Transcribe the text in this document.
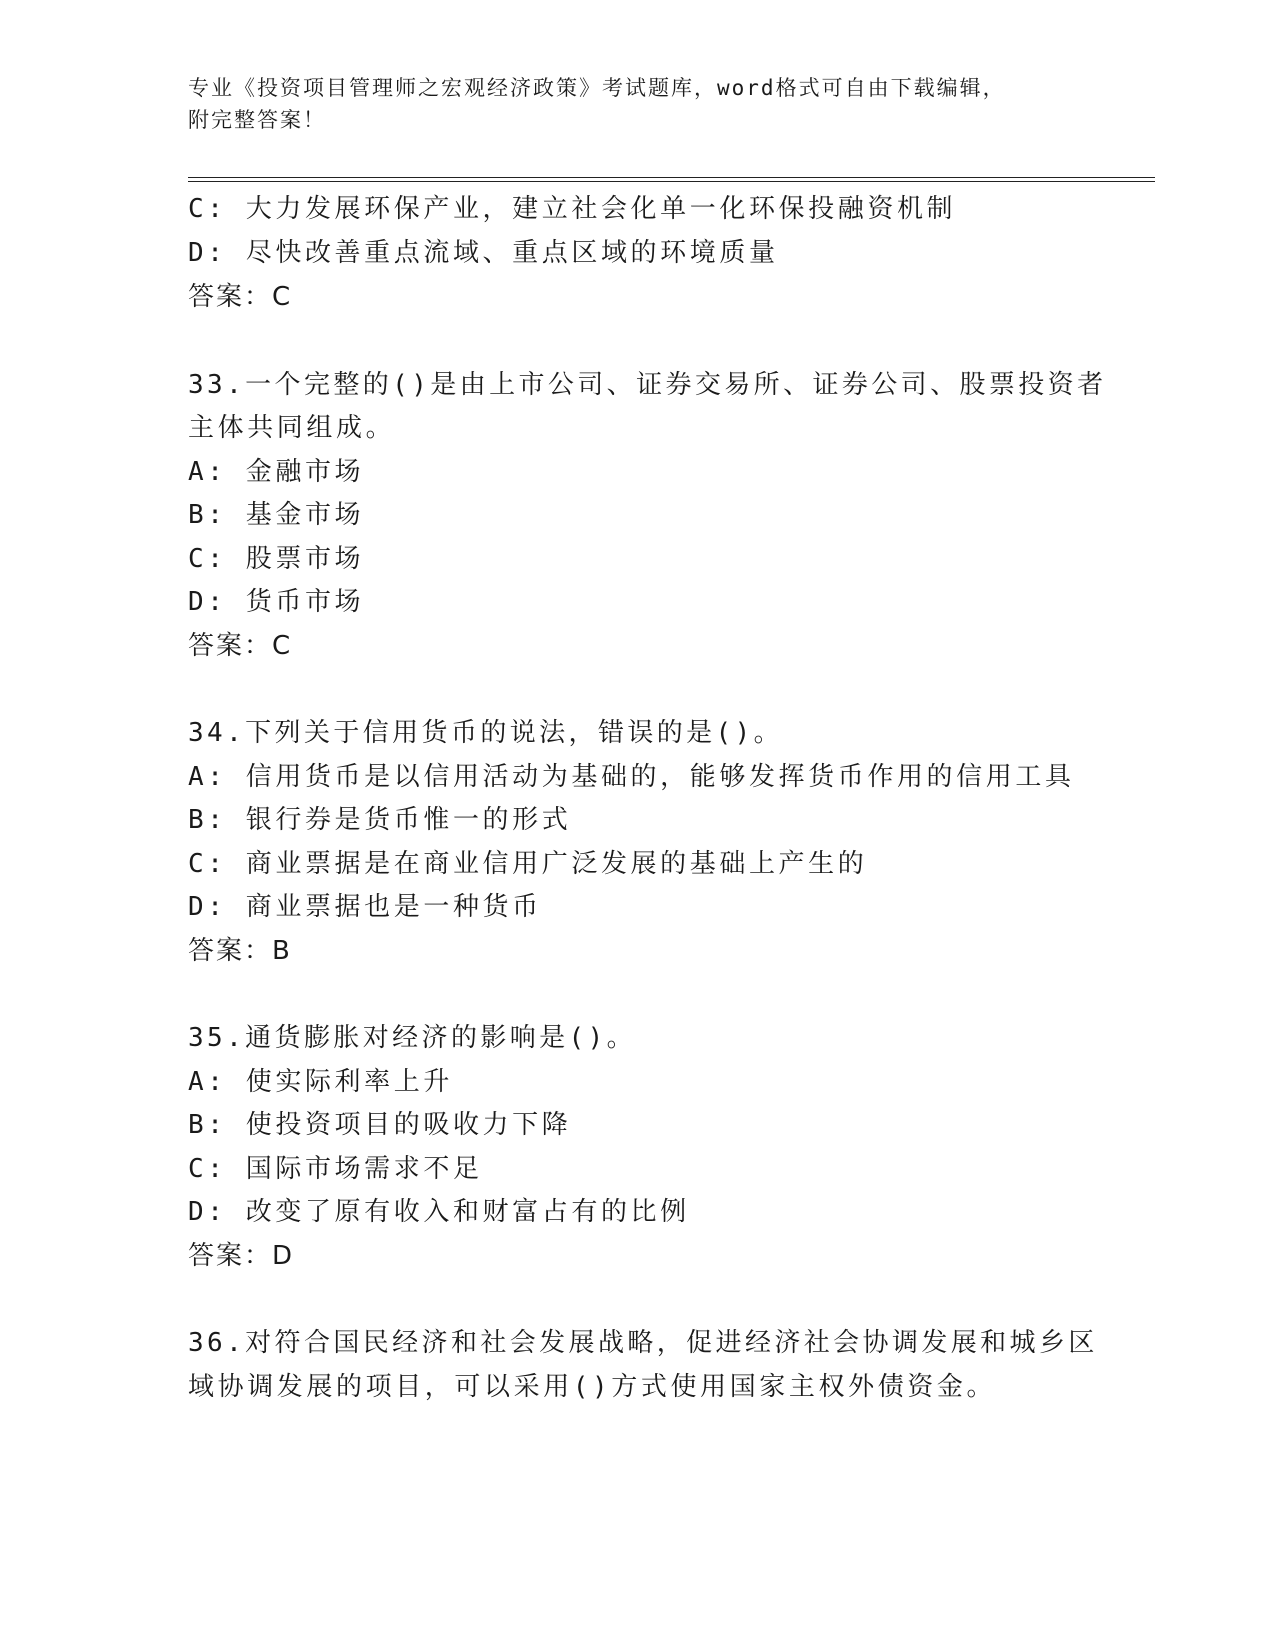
专业《投资项目管理师之宏观经济政策》考试题库，word格式可自由下载编辑，
附完整答案！
C: 大力发展环保产业，建立社会化单一化环保投融资机制
D: 尽快改善重点流域、重点区域的环境质量
答案：C
33.一个完整的()是由上市公司、证券交易所、证券公司、股票投资者
主体共同组成。
A: 金融市场
B: 基金市场
C: 股票市场
D: 货币市场
答案：C
34.下列关于信用货币的说法，错误的是()。
A: 信用货币是以信用活动为基础的，能够发挥货币作用的信用工具
B: 银行券是货币惟一的形式
C: 商业票据是在商业信用广泛发展的基础上产生的
D: 商业票据也是一种货币
答案：B
35.通货膨胀对经济的影响是()。
A: 使实际利率上升
B: 使投资项目的吸收力下降
C: 国际市场需求不足
D: 改变了原有收入和财富占有的比例
答案：D
36.对符合国民经济和社会发展战略，促进经济社会协调发展和城乡区
域协调发展的项目，可以采用()方式使用国家主权外债资金。
